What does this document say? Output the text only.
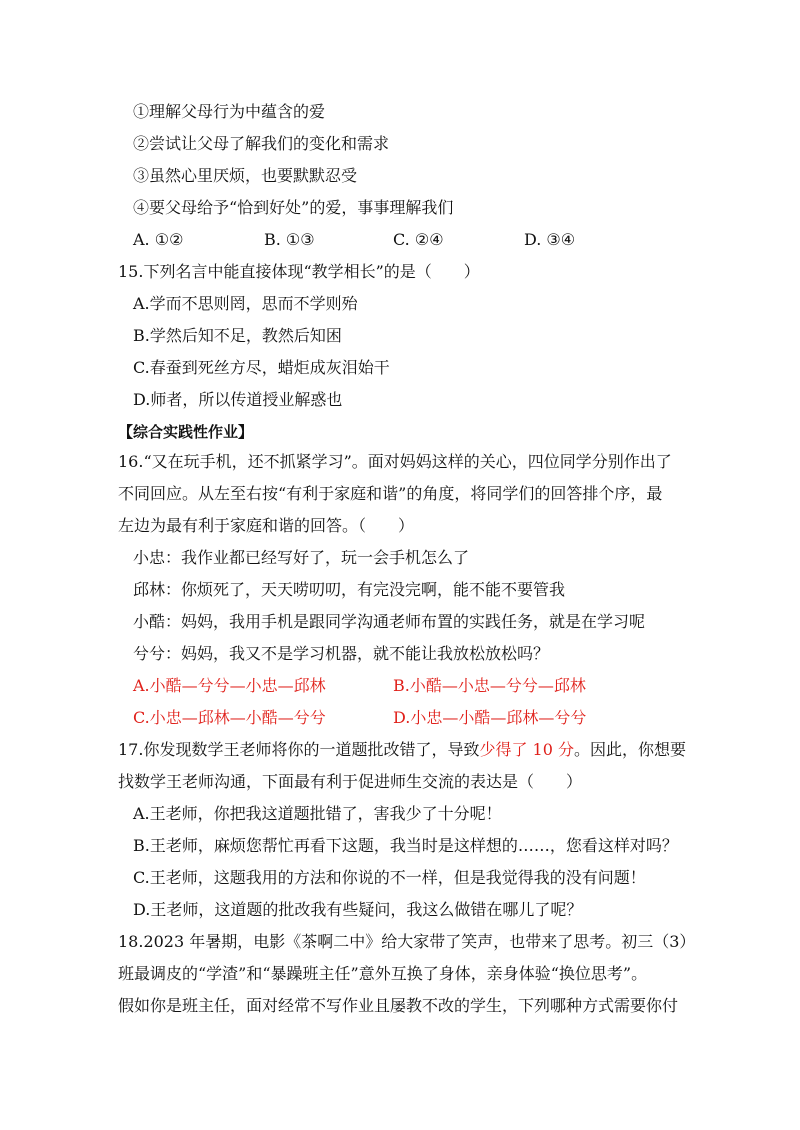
①理解父母行为中蕴含的爱
②尝试让父母了解我们的变化和需求
③虽然心里厌烦，也要默默忍受
④要父母给予“恰到好处”的爱，事事理解我们
A. ①②	B. ①③	C. ②④	D. ③④
15.下列名言中能直接体现“教学相长”的是（　　）
A.学而不思则罔，思而不学则殆
B.学然后知不足，教然后知困
C.春蚕到死丝方尽，蜡炬成灰泪始干
D.师者，所以传道授业解惑也
【综合实践性作业】
16.“又在玩手机，还不抓紧学习”。面对妈妈这样的关心，四位同学分别作出了
不同回应。从左至右按“有利于家庭和谐”的角度，将同学们的回答排个序，最
左边为最有利于家庭和谐的回答。（　　）
小忠：我作业都已经写好了，玩一会手机怎么了
邱林：你烦死了，天天唠叨叨，有完没完啊，能不能不要管我
小酷：妈妈，我用手机是跟同学沟通老师布置的实践任务，就是在学习呢
兮兮：妈妈，我又不是学习机器，就不能让我放松放松吗？
A.小酷—兮兮—小忠—邱林	B.小酷—小忠—兮兮—邱林
C.小忠—邱林—小酷—兮兮	D.小忠—小酷—邱林—兮兮
17.你发现数学王老师将你的一道题批改错了，导致少得了 10 分。因此，你想要
找数学王老师沟通，下面最有利于促进师生交流的表达是（　　）
A.王老师，你把我这道题批错了，害我少了十分呢！
B.王老师，麻烦您帮忙再看下这题，我当时是这样想的……，您看这样对吗？
C.王老师，这题我用的方法和你说的不一样，但是我觉得我的没有问题！
D.王老师，这道题的批改我有些疑问，我这么做错在哪儿了呢？
18.2023 年暑期，电影《茶啊二中》给大家带了笑声，也带来了思考。初三（3）
班最调皮的“学渣”和“暴躁班主任”意外互换了身体，亲身体验“换位思考”。
假如你是班主任，面对经常不写作业且屡教不改的学生，下列哪种方式需要你付
